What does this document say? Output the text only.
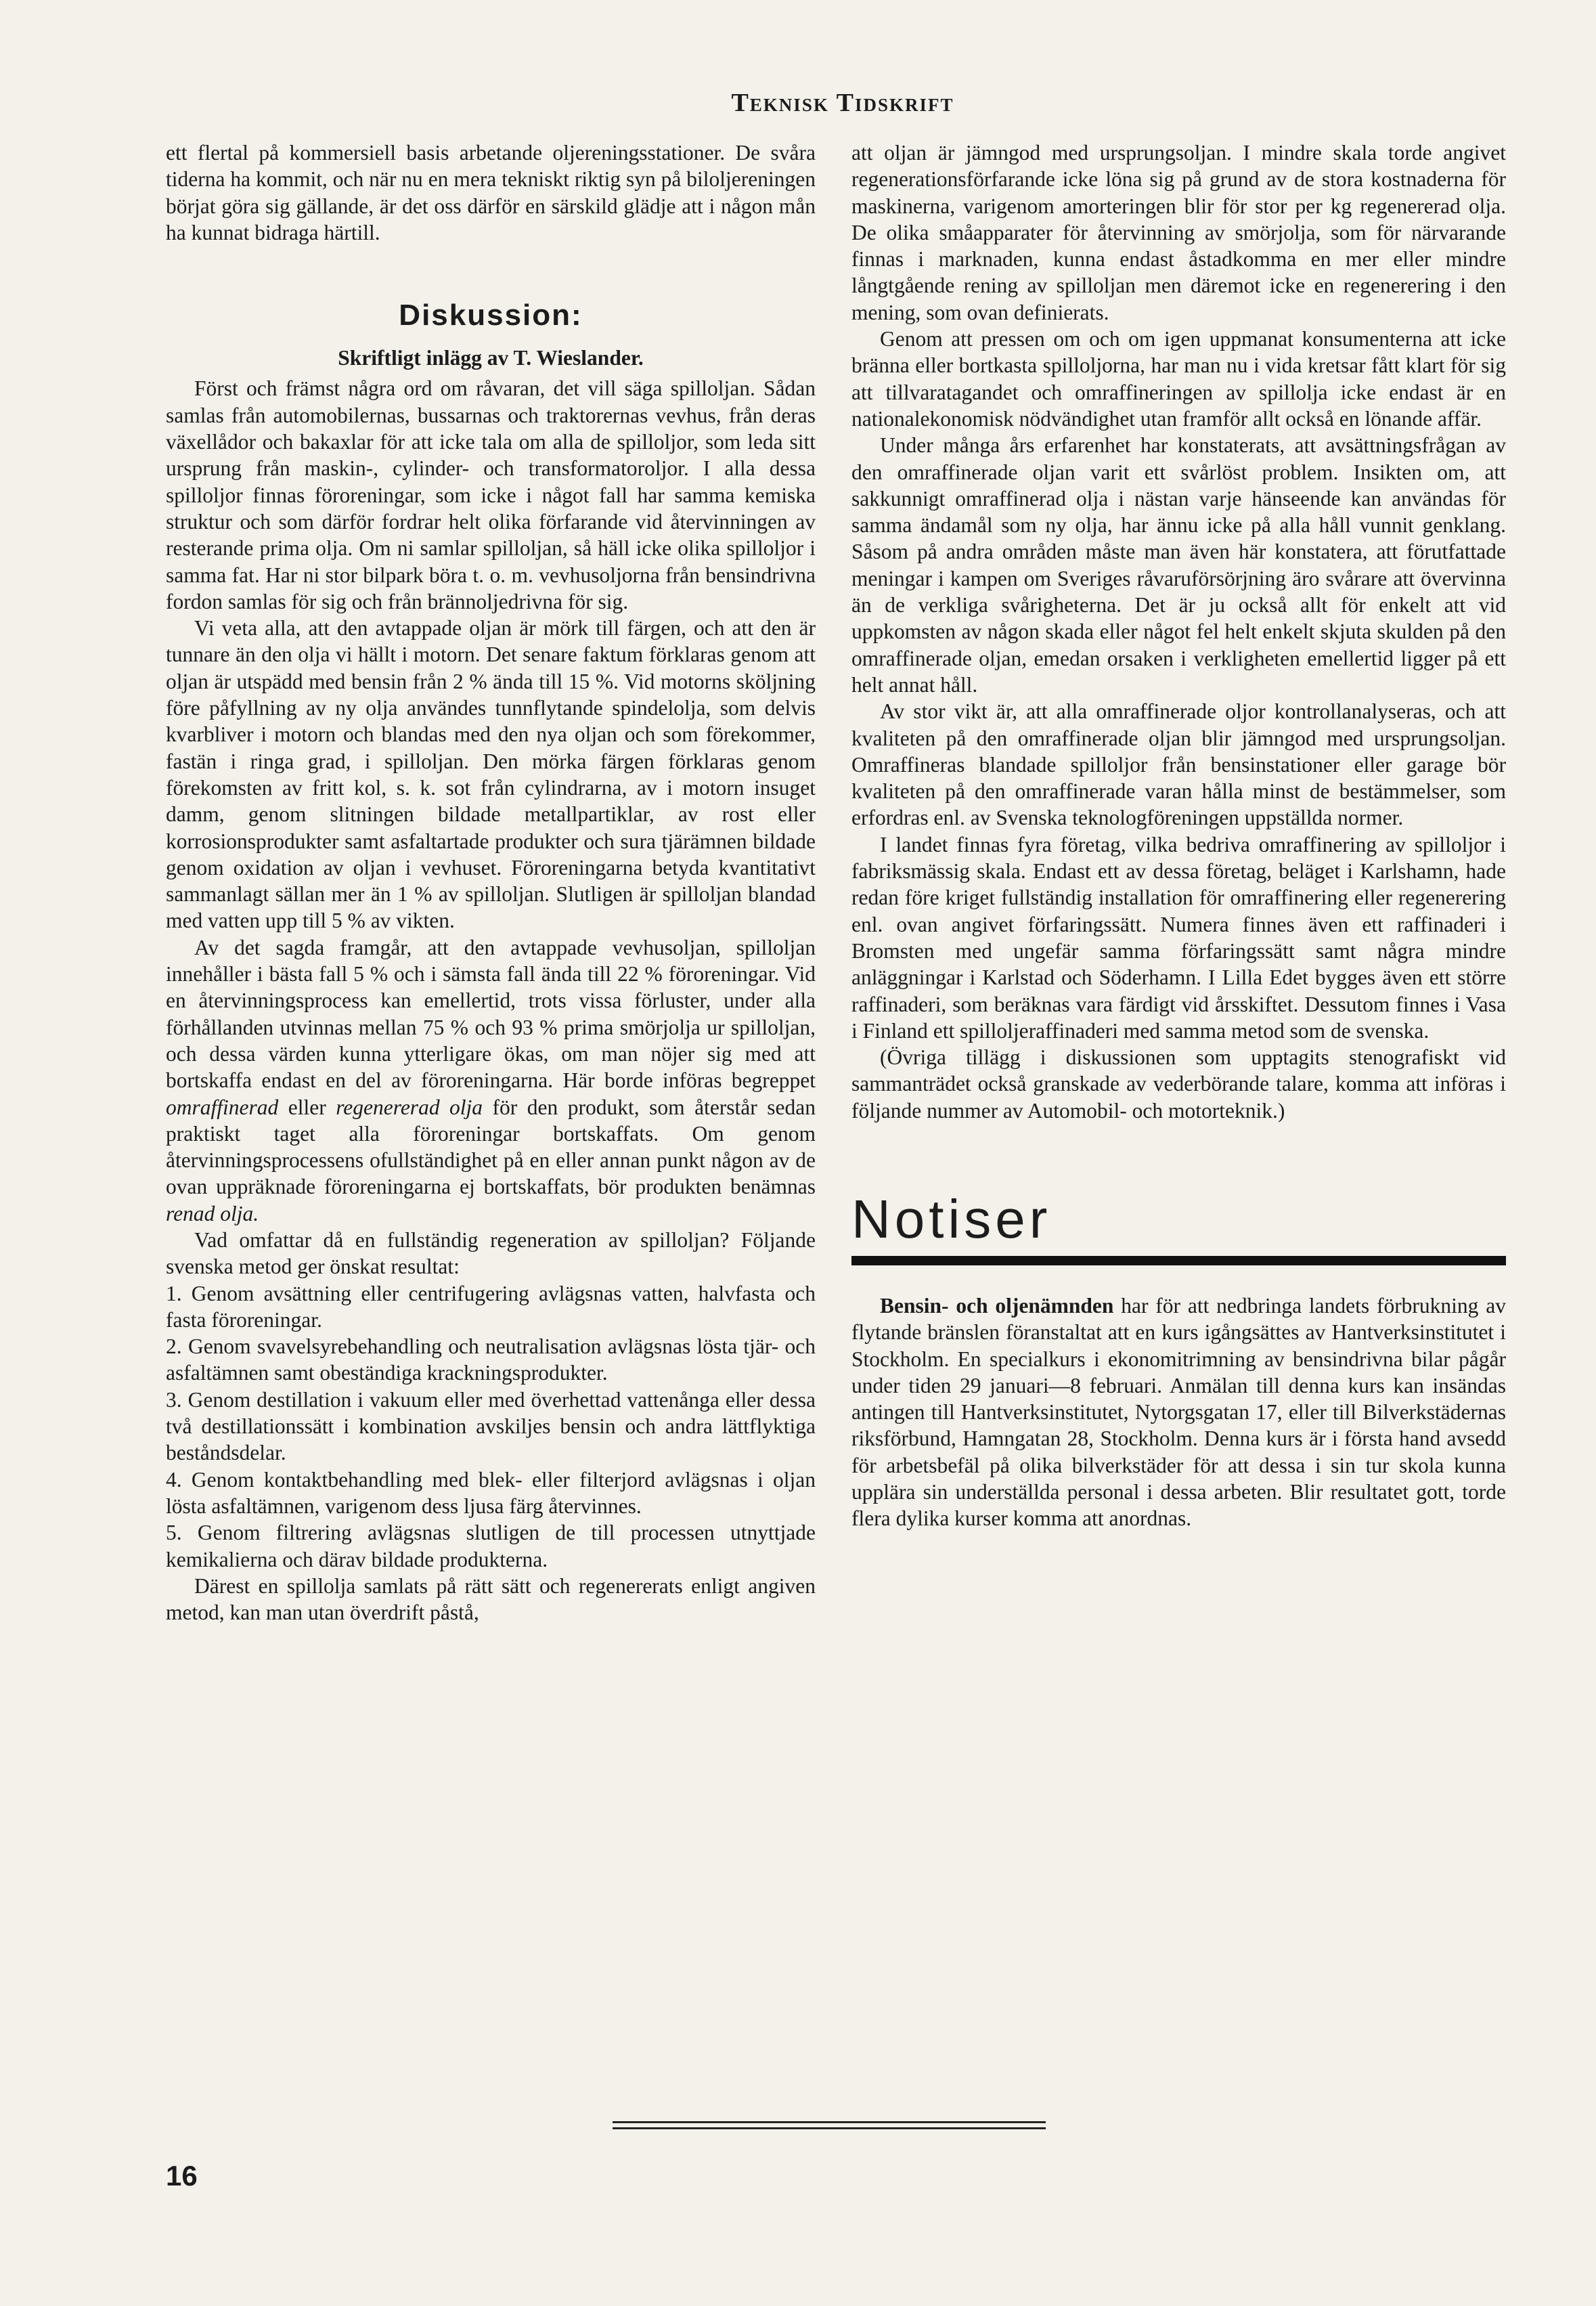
Teknisk Tidskrift

ett flertal på kommersiell basis arbetande oljereningsstationer. De svåra tiderna ha kommit, och när nu en mera tekniskt riktig syn på biloljereningen börjat göra sig gällande, är det oss därför en särskild glädje att i någon mån ha kunnat bidraga härtill.

Diskussion:
Skriftligt inlägg av T. Wieslander.

Först och främst några ord om råvaran, det vill säga spilloljan. Sådan samlas från automobilernas, bussarnas och traktorernas vevhus, från deras växellådor och bakaxlar för att icke tala om alla de spilloljor, som leda sitt ursprung från maskin-, cylinder- och transformatoroljor. I alla dessa spilloljor finnas föroreningar, som icke i något fall har samma kemiska struktur och som därför fordrar helt olika förfarande vid återvinningen av resterande prima olja. Om ni samlar spilloljan, så häll icke olika spilloljor i samma fat. Har ni stor bilpark böra t. o. m. vevhusoljorna från bensindrivna fordon samlas för sig och från brännoljedrivna för sig.

Vi veta alla, att den avtappade oljan är mörk till färgen, och att den är tunnare än den olja vi hällt i motorn. Det senare faktum förklaras genom att oljan är utspädd med bensin från 2 % ända till 15 %. Vid motorns sköljning före påfyllning av ny olja användes tunnflytande spindelolja, som delvis kvarbliver i motorn och blandas med den nya oljan och som förekommer, fastän i ringa grad, i spilloljan. Den mörka färgen förklaras genom förekomsten av fritt kol, s. k. sot från cylindrarna, av i motorn insuget damm, genom slitningen bildade metallpartiklar, av rost eller korrosionsprodukter samt asfaltartade produkter och sura tjärämnen bildade genom oxidation av oljan i vevhuset. Föroreningarna betyda kvantitativt sammanlagt sällan mer än 1 % av spilloljan. Slutligen är spilloljan blandad med vatten upp till 5 % av vikten.

Av det sagda framgår, att den avtappade vevhusoljan, spilloljan innehåller i bästa fall 5 % och i sämsta fall ända till 22 % föroreningar. Vid en återvinningsprocess kan emellertid, trots vissa förluster, under alla förhållanden utvinnas mellan 75 % och 93 % prima smörjolja ur spilloljan, och dessa värden kunna ytterligare ökas, om man nöjer sig med att bortskaffa endast en del av föroreningarna. Här borde införas begreppet omraffinerad eller regenererad olja för den produkt, som återstår sedan praktiskt taget alla föroreningar bortskaffats. Om genom återvinningsprocessens ofullständighet på en eller annan punkt någon av de ovan uppräknade föroreningarna ej bortskaffats, bör produkten benämnas renad olja.

Vad omfattar då en fullständig regeneration av spilloljan? Följande svenska metod ger önskat resultat:

1. Genom avsättning eller centrifugering avlägsnas vatten, halvfasta och fasta föroreningar.

2. Genom svavelsyrebehandling och neutralisation avlägsnas lösta tjär- och asfaltämnen samt obeständiga krackningsprodukter.

3. Genom destillation i vakuum eller med överhettad vattenånga eller dessa två destillationssätt i kombination avskiljes bensin och andra lättflyktiga beståndsdelar.

4. Genom kontaktbehandling med blek- eller filterjord avlägsnas i oljan lösta asfaltämnen, varigenom dess ljusa färg återvinnes.

5. Genom filtrering avlägsnas slutligen de till processen utnyttjade kemikalierna och därav bildade produkterna.

Därest en spillolja samlats på rätt sätt och regenererats enligt angiven metod, kan man utan överdrift påstå,

att oljan är jämngod med ursprungsoljan. I mindre skala torde angivet regenerationsförfarande icke löna sig på grund av de stora kostnaderna för maskinerna, varigenom amorteringen blir för stor per kg regenererad olja. De olika småapparater för återvinning av smörjolja, som för närvarande finnas i marknaden, kunna endast åstadkomma en mer eller mindre långtgående rening av spilloljan men däremot icke en regenerering i den mening, som ovan definierats.

Genom att pressen om och om igen uppmanat konsumenterna att icke bränna eller bortkasta spilloljorna, har man nu i vida kretsar fått klart för sig att tillvaratagandet och omraffineringen av spillolja icke endast är en nationalekonomisk nödvändighet utan framför allt också en lönande affär.

Under många års erfarenhet har konstaterats, att avsättningsfrågan av den omraffinerade oljan varit ett svårlöst problem. Insikten om, att sakkunnigt omraffinerad olja i nästan varje hänseende kan användas för samma ändamål som ny olja, har ännu icke på alla håll vunnit genklang. Såsom på andra områden måste man även här konstatera, att förutfattade meningar i kampen om Sveriges råvaruförsörjning äro svårare att övervinna än de verkliga svårigheterna. Det är ju också allt för enkelt att vid uppkomsten av någon skada eller något fel helt enkelt skjuta skulden på den omraffinerade oljan, emedan orsaken i verkligheten emellertid ligger på ett helt annat håll.

Av stor vikt är, att alla omraffinerade oljor kontrollanalyseras, och att kvaliteten på den omraffinerade oljan blir jämngod med ursprungsoljan. Omraffineras blandade spilloljor från bensinstationer eller garage bör kvaliteten på den omraffinerade varan hålla minst de bestämmelser, som erfordras enl. av Svenska teknologföreningen uppställda normer.

I landet finnas fyra företag, vilka bedriva omraffinering av spilloljor i fabriksmässig skala. Endast ett av dessa företag, beläget i Karlshamn, hade redan före kriget fullständig installation för omraffinering eller regenerering enl. ovan angivet förfaringssätt. Numera finnes även ett raffinaderi i Bromsten med ungefär samma förfaringssätt samt några mindre anläggningar i Karlstad och Söderhamn. I Lilla Edet bygges även ett större raffinaderi, som beräknas vara färdigt vid årsskiftet. Dessutom finnes i Vasa i Finland ett spilloljeraffinaderi med samma metod som de svenska.

(Övriga tillägg i diskussionen som upptagits stenografiskt vid sammanträdet också granskade av vederbörande talare, komma att införas i följande nummer av Automobil- och motorteknik.)

Notiser

Bensin- och oljenämnden har för att nedbringa landets förbrukning av flytande bränslen föranstaltat att en kurs igångsättes av Hantverksinstitutet i Stockholm. En specialkurs i ekonomitrimning av bensindrivna bilar pågår under tiden 29 januari—8 februari. Anmälan till denna kurs kan insändas antingen till Hantverksinstitutet, Nytorgsgatan 17, eller till Bilverkstädernas riksförbund, Hamngatan 28, Stockholm. Denna kurs är i första hand avsedd för arbetsbefäl på olika bilverkstäder för att dessa i sin tur skola kunna upplära sin underställda personal i dessa arbeten. Blir resultatet gott, torde flera dylika kurser komma att anordnas.

16
